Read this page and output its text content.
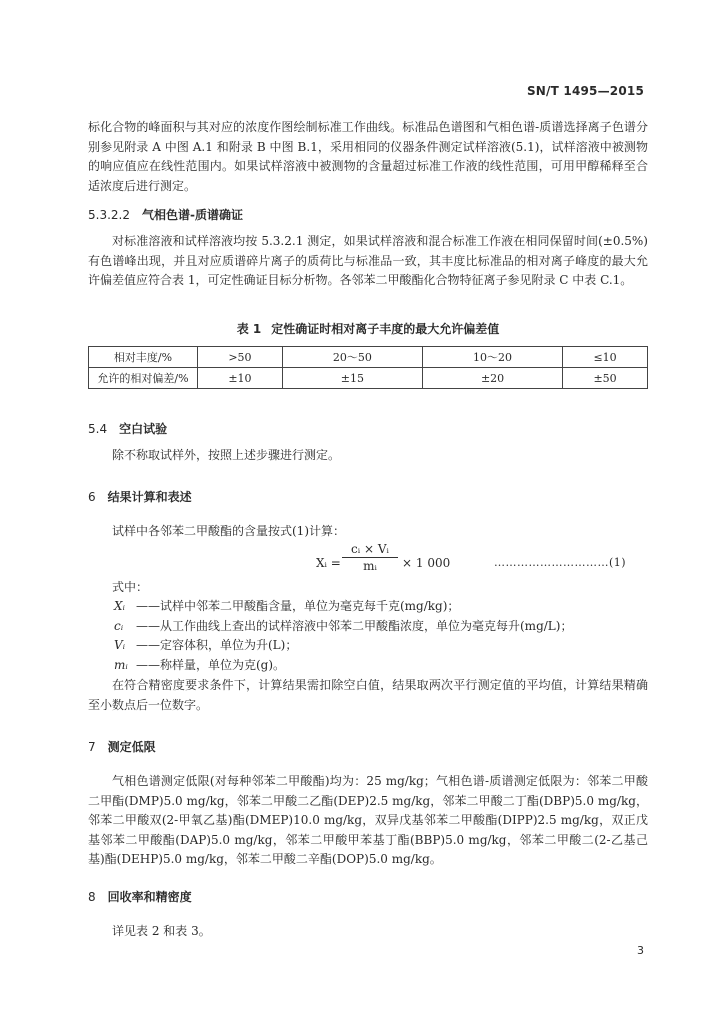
SN/T 1495—2015

标化合物的峰面积与其对应的浓度作图绘制标准工作曲线。标准品色谱图和气相色谱-质谱选择离子色谱分别参见附录 A 中图 A.1 和附录 B 中图 B.1，采用相同的仪器条件测定试样溶液(5.1)，试样溶液中被测物的响应值应在线性范围内。如果试样溶液中被测物的含量超过标准工作液的线性范围，可用甲醇稀释至合适浓度后进行测定。

5.3.2.2 气相色谱-质谱确证

对标准溶液和试样溶液均按 5.3.2.1 测定，如果试样溶液和混合标准工作液在相同保留时间(±0.5%)有色谱峰出现，并且对应质谱碎片离子的质荷比与标准品一致，其丰度比标准品的相对离子峰度的最大允许偏差值应符合表 1，可定性确证目标分析物。各邻苯二甲酸酯化合物特征离子参见附录 C 中表 C.1。

表 1 定性确证时相对离子丰度的最大允许偏差值
相对丰度/%	>50	20～50	10～20	≤10
允许的相对偏差/%	±10	±15	±20	±50
5.4 空白试验

除不称取试样外，按照上述步骤进行测定。

6 结果计算和表述

试样中各邻苯二甲酸酯的含量按式(1)计算：

Xᵢ = $\frac{\text{cᵢ × Vᵢ}}{\text{mᵢ}} \times 1$ 000	…………………………(1)

式中：

Xᵢ ——试样中邻苯二甲酸酯含量，单位为毫克每千克(mg/kg)；
cᵢ ——从工作曲线上查出的试样溶液中邻苯二甲酸酯浓度，单位为毫克每升(mg/L)；
Vᵢ ——定容体积，单位为升(L)；
mᵢ ——称样量，单位为克(g)。

在符合精密度要求条件下，计算结果需扣除空白值，结果取两次平行测定值的平均值，计算结果精确至小数点后一位数字。

7 测定低限

气相色谱测定低限(对每种邻苯二甲酸酯)均为：25 mg/kg；气相色谱-质谱测定低限为：邻苯二甲酸二甲酯(DMP)5.0 mg/kg，邻苯二甲酸二乙酯(DEP)2.5 mg/kg，邻苯二甲酸二丁酯(DBP)5.0 mg/kg，邻苯二甲酸双(2-甲氧乙基)酯(DMEP)10.0 mg/kg，双异戊基邻苯二甲酸酯(DIPP)2.5 mg/kg，双正戊基邻苯二甲酸酯(DAP)5.0 mg/kg，邻苯二甲酸甲苯基丁酯(BBP)5.0 mg/kg，邻苯二甲酸二(2-乙基己基)酯(DEHP)5.0 mg/kg，邻苯二甲酸二辛酯(DOP)5.0 mg/kg。

8 回收率和精密度

详见表 2 和表 3。

3
